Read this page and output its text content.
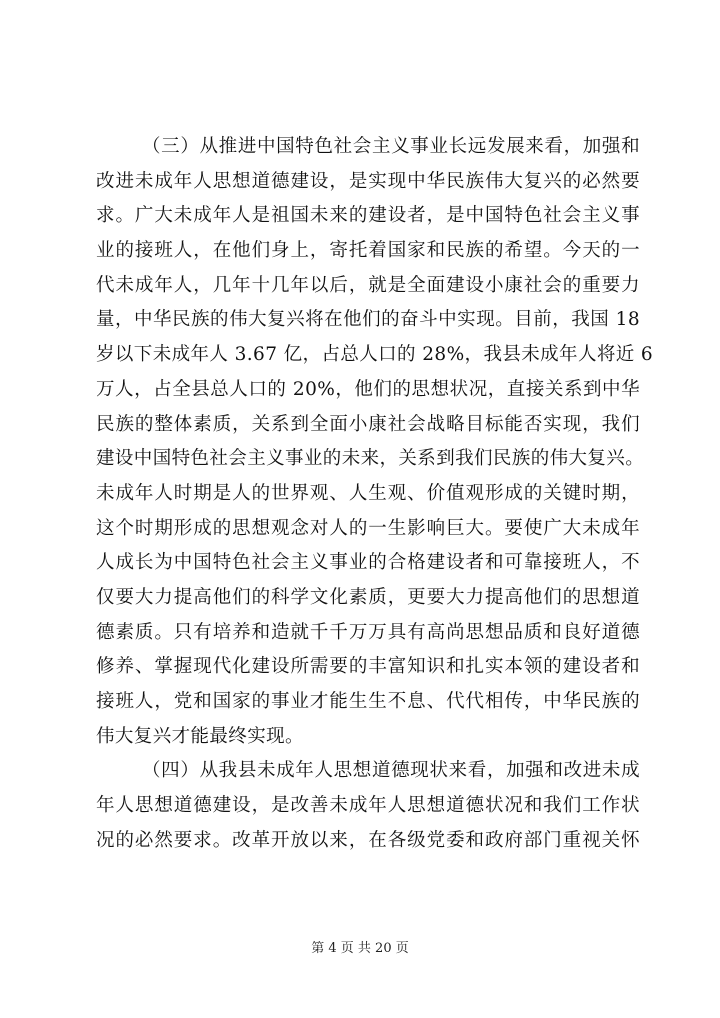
（三）从推进中国特色社会主义事业长远发展来看，加强和
改进未成年人思想道德建设，是实现中华民族伟大复兴的必然要
求。广大未成年人是祖国未来的建设者，是中国特色社会主义事
业的接班人，在他们身上，寄托着国家和民族的希望。今天的一
代未成年人，几年十几年以后，就是全面建设小康社会的重要力
量，中华民族的伟大复兴将在他们的奋斗中实现。目前，我国 18
岁以下未成年人 3.67 亿，占总人口的 28%，我县未成年人将近 6
万人，占全县总人口的 20%，他们的思想状况，直接关系到中华
民族的整体素质，关系到全面小康社会战略目标能否实现，我们
建设中国特色社会主义事业的未来，关系到我们民族的伟大复兴。
未成年人时期是人的世界观、人生观、价值观形成的关键时期，
这个时期形成的思想观念对人的一生影响巨大。要使广大未成年
人成长为中国特色社会主义事业的合格建设者和可靠接班人，不
仅要大力提高他们的科学文化素质，更要大力提高他们的思想道
德素质。只有培养和造就千千万万具有高尚思想品质和良好道德
修养、掌握现代化建设所需要的丰富知识和扎实本领的建设者和
接班人，党和国家的事业才能生生不息、代代相传，中华民族的
伟大复兴才能最终实现。
（四）从我县未成年人思想道德现状来看，加强和改进未成
年人思想道德建设，是改善未成年人思想道德状况和我们工作状
况的必然要求。改革开放以来，在各级党委和政府部门重视关怀
第 4 页 共 20 页
